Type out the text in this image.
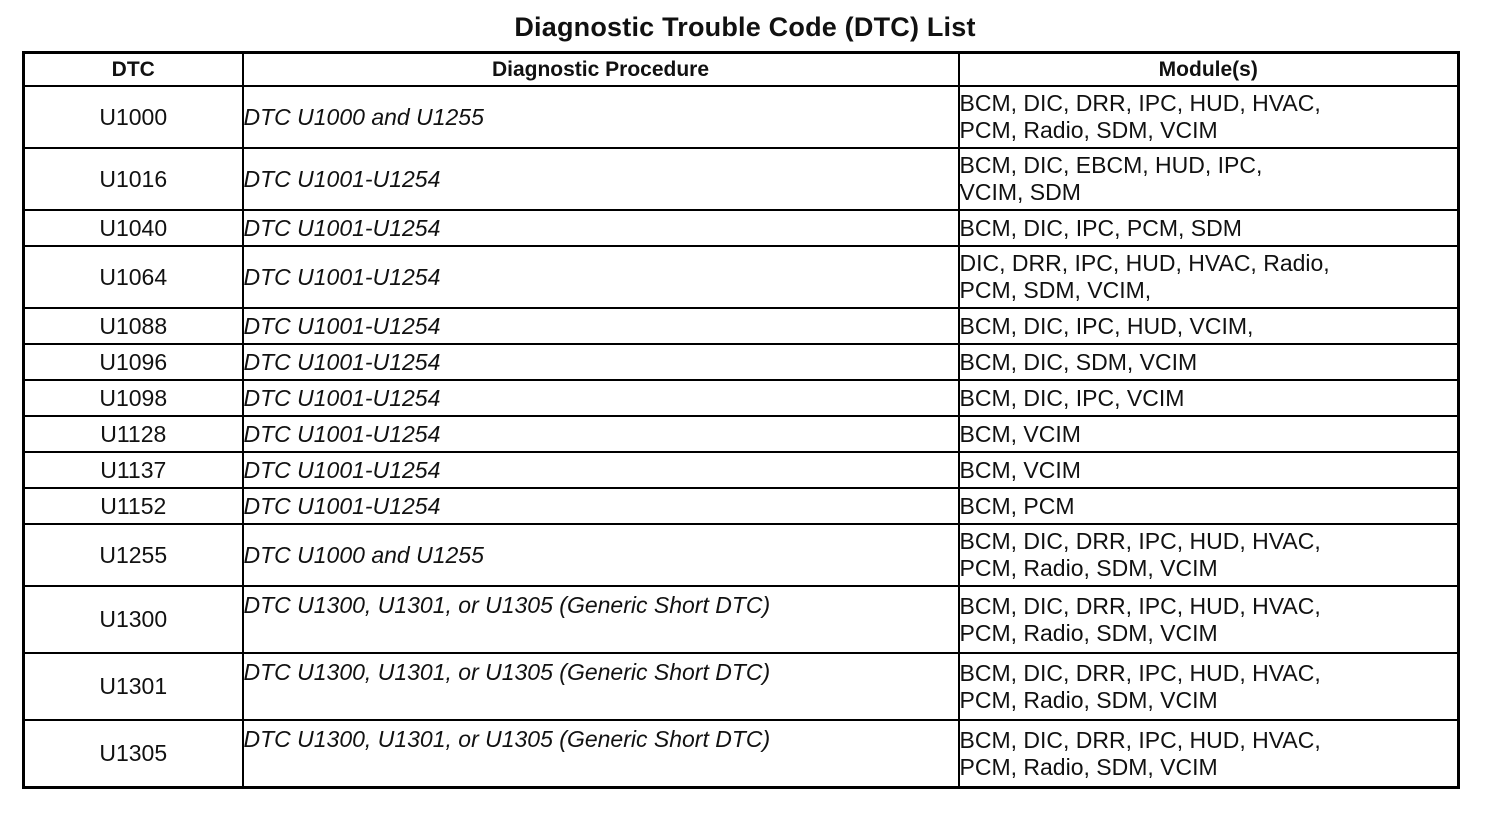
Diagnostic Trouble Code (DTC) List
DTC	Diagnostic Procedure	Module(s)
U1000	DTC U1000 and U1255	BCM, DIC, DRR, IPC, HUD, HVAC,
PCM, Radio, SDM, VCIM

U1016	DTC U1001-U1254	BCM, DIC, EBCM, HUD, IPC,
VCIM, SDM

U1040	DTC U1001-U1254	BCM, DIC, IPC, PCM, SDM

U1064	DTC U1001-U1254	DIC, DRR, IPC, HUD, HVAC, Radio,
PCM, SDM, VCIM,

U1088	DTC U1001-U1254	BCM, DIC, IPC, HUD, VCIM,

U1096	DTC U1001-U1254	BCM, DIC, SDM, VCIM

U1098	DTC U1001-U1254	BCM, DIC, IPC, VCIM

U1128	DTC U1001-U1254	BCM, VCIM

U1137	DTC U1001-U1254	BCM, VCIM

U1152	DTC U1001-U1254	BCM, PCM

U1255	DTC U1000 and U1255	BCM, DIC, DRR, IPC, HUD, HVAC,
PCM, Radio, SDM, VCIM

U1300	DTC U1300, U1301, or U1305 (Generic Short DTC)	BCM, DIC, DRR, IPC, HUD, HVAC,
PCM, Radio, SDM, VCIM

U1301	DTC U1300, U1301, or U1305 (Generic Short DTC)	BCM, DIC, DRR, IPC, HUD, HVAC,
PCM, Radio, SDM, VCIM

U1305	DTC U1300, U1301, or U1305 (Generic Short DTC)	BCM, DIC, DRR, IPC, HUD, HVAC,
PCM, Radio, SDM, VCIM
